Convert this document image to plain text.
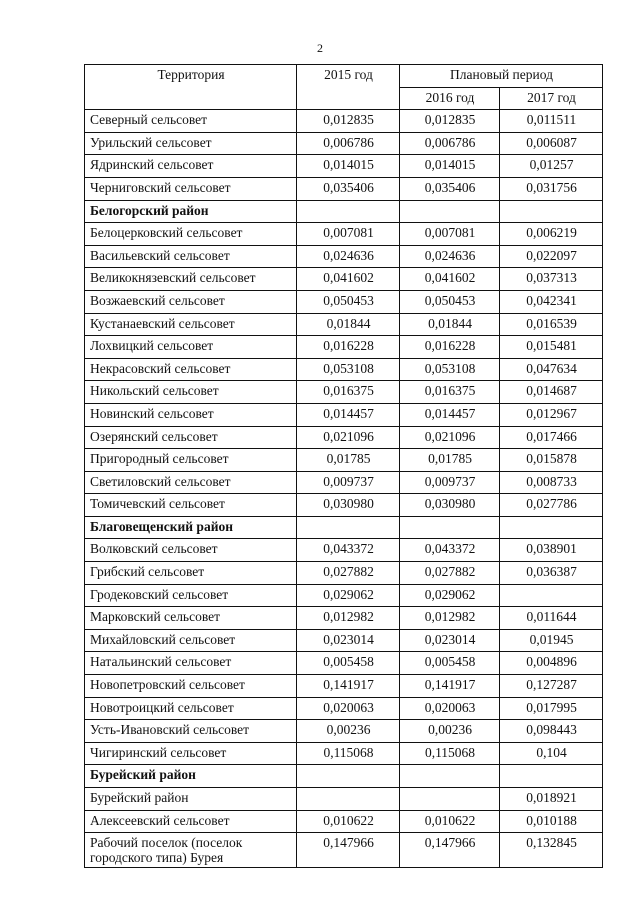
2
Территория	2015 год	Плановый период	
		2016 год	2017 год
Северный сельсовет	0,012835	0,012835	0,011511
Урильский сельсовет	0,006786	0,006786	0,006087
Ядринский сельсовет	0,014015	0,014015	0,01257
Черниговский сельсовет	0,035406	0,035406	0,031756
Белогорский район			
Белоцерковский сельсовет	0,007081	0,007081	0,006219
Васильевский сельсовет	0,024636	0,024636	0,022097
Великокнязевский сельсовет	0,041602	0,041602	0,037313
Возжаевский сельсовет	0,050453	0,050453	0,042341
Кустанаевский сельсовет	0,01844	0,01844	0,016539
Лохвицкий сельсовет	0,016228	0,016228	0,015481
Некрасовский сельсовет	0,053108	0,053108	0,047634
Никольский сельсовет	0,016375	0,016375	0,014687
Новинский сельсовет	0,014457	0,014457	0,012967
Озерянский сельсовет	0,021096	0,021096	0,017466
Пригородный сельсовет	0,01785	0,01785	0,015878
Светиловский сельсовет	0,009737	0,009737	0,008733
Томичевский сельсовет	0,030980	0,030980	0,027786
Благовещенский район			
Волковский сельсовет	0,043372	0,043372	0,038901
Грибский сельсовет	0,027882	0,027882	0,036387
Гродековский сельсовет	0,029062	0,029062	
Марковский сельсовет	0,012982	0,012982	0,011644
Михайловский сельсовет	0,023014	0,023014	0,01945
Натальинский сельсовет	0,005458	0,005458	0,004896
Новопетровский сельсовет	0,141917	0,141917	0,127287
Новотроицкий сельсовет	0,020063	0,020063	0,017995
Усть-Ивановский сельсовет	0,00236	0,00236	0,098443
Чигиринский сельсовет	0,115068	0,115068	0,104
Бурейский район			
Бурейский район			0,018921
Алексеевский сельсовет	0,010622	0,010622	0,010188
Рабочий поселок (поселок городского типа) Бурея	0,147966	0,147966	0,132845
